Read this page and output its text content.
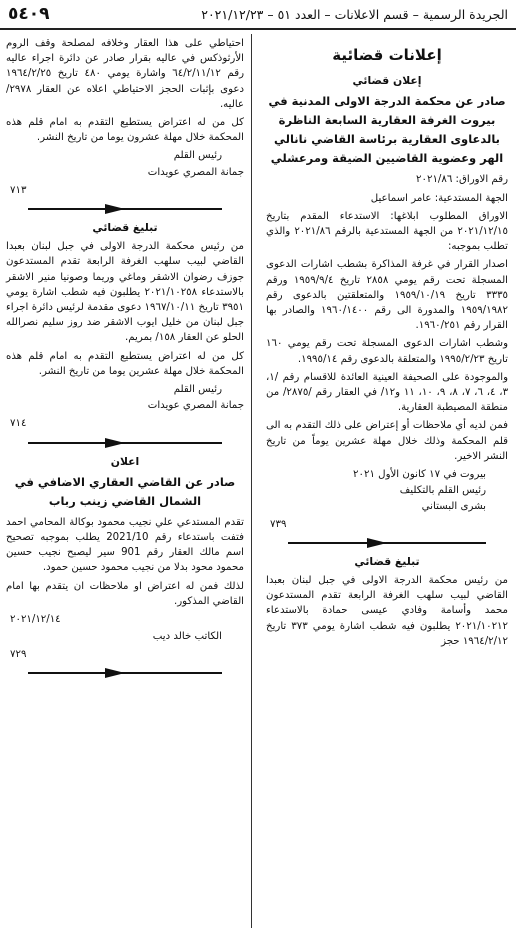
الجريدة الرسمية – قسم الاعلانات – العدد ٥١ – ٢٠٢١/١٢/٢٣
٥٤٠٩
إعلانات قضائية
إعلان قضائي
صادر عن محكمة الدرجة الاولى المدنية في بيروت الغرفة العقارية السابعة الناظرة بالدعاوى العقارية برئاسة القاضي نانالي الهر وعضوية القاضيين الضيقة ومرعشلي

رقم الاوراق: ٢٠٢١/٨٦

الجهة المستدعية: عامر اسماعيل

الاوراق المطلوب ابلاغها: الاستدعاء المقدم بتاريخ ٢٠٢١/١٢/١٥ من الجهة المستدعية بالرقم ٢٠٢١/٨٦ والذي تطلب بموجبه:

اصدار القرار في غرفة المذاكرة بشطب اشارات الدعوى المسجلة تحت رقم يومي ٢٨٥٨ تاريخ ١٩٥٩/٩/٤ ورقم ٣٣٣٥ تاريخ ١٩٥٩/١٠/١٩ والمتعلقتين بالدعوى رقم ١٩٥٩/١٩٨٢ والمدورة الى رقم ١٩٦٠/١٤٠٠ والصادر بها القرار رقم ١٩٦٠/٢٥١.

وشطب اشارات الدعوى المسجلة تحت رقم يومي ١٦٠ تاريخ ١٩٩٥/٢/٢٣ والمتعلقة بالدعوى رقم ١٩٩٥/١٤.

والموجودة على الصحيفة العينية العائدة للاقسام رقم /١، ٣، ٤، ٦، ٧، ٨، ٩، ١٠، ١١ و١٢/ في العقار رقم /٢٨٧٥/ من منطقة المصيطبة العقارية.

فمن لديه أي ملاحظات أو إعتراض على ذلك التقدم به الى قلم المحكمة وذلك خلال مهلة عشرين يوماً من تاريخ النشر الاخير.

بيروت في ١٧ كانون الأول ٢٠٢١

رئيس القلم بالتكليف

بشرى البستاني

٧٣٩
تبليغ قضائي

من رئيس محكمة الدرجة الاولى في جبل لبنان بعبدا القاضي لبيب سلهب الغرفة الرابعة تقدم المستدعون محمد وأسامة وفادي عيسى حمادة بالاستدعاء ٢٠٢١/١٠٢١٢ يطلبون فيه شطب اشارة يومي ٣٧٣ تاريخ ١٩٦٤/٢/١٢ حجز

احتياطي على هذا العقار وخلافه لمصلحة وقف الروم الأرثوذكس في عاليه بقرار صادر عن دائرة اجراء عاليه رقم ٦٤/٢/١١/١٢ واشارة يومي ٤٨٠ تاريخ ١٩٦٤/٢/٢٥ دعوى بإثبات الحجز الاحتياطي اعلاه عن العقار ٢٩٧٨/ عاليه.

كل من له اعتراض يستطيع التقدم به امام قلم هذه المحكمة خلال مهلة عشرون يوما من تاريخ النشر.

رئيس القلم

جمانة المصري عويدات

٧١٣
تبليغ قضائي

من رئيس محكمة الدرجة الاولى في جبل لبنان بعبدا القاضي لبيب سلهب الغرفة الرابعة تقدم المستدعون جوزف رضوان الاشقر وماغي وريما وصونيا منير الاشقر بالاستدعاء ٢٠٢١/١٠٢٥٨ يطلبون فيه شطب اشارة يومي ٣٩٥١ تاريخ ١٩٦٧/١٠/١١ دعوى مقدمة لرئيس دائرة اجراء جبل لبنان من خليل ايوب الاشقر ضد روز سليم نصرالله الحلو عن العقار ١٥٨/ بمريم.

كل من له اعتراض يستطيع التقدم به امام قلم هذه المحكمة خلال مهلة عشرين يوما من تاريخ النشر.

رئيس القلم

جمانة المصري عويدات

٧١٤
اعلان
صادر عن القاضي العقاري الاضافي في الشمال القاضي زينب رباب

تقدم المستدعي علي نجيب محمود بوكالة المحامي احمد فتفت باستدعاء رقم 2021/10 يطلب بموجبه تصحيح اسم مالك العقار رقم 901 سير ليصبح نجيب حسين محمود محود بدلا من نجيب محمود حسين حمود.

لذلك فمن له اعتراض او ملاحظات ان يتقدم بها امام القاضي المذكور.

٢٠٢١/١٢/١٤

الكاتب خالد ديب

٧٢٩
